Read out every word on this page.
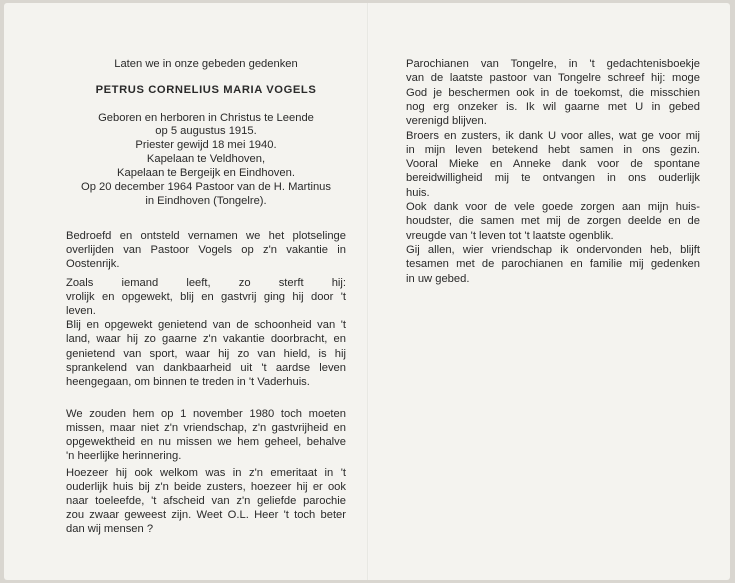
Laten we in onze gebeden gedenken
PETRUS CORNELIUS MARIA VOGELS
Geboren en herboren in Christus te Leende
op 5 augustus 1915.
Priester gewijd 18 mei 1940.
Kapelaan te Veldhoven,
Kapelaan te Bergeijk en Eindhoven.
Op 20 december 1964 Pastoor van de H. Martinus
in Eindhoven (Tongelre).
Bedroefd en ontsteld vernamen we het plotselinge
overlijden van Pastoor Vogels op z'n vakantie in
Oostenrijk.
Zoals iemand leeft, zo sterft hij:
vrolijk en opgewekt, blij en gastvrij ging hij door 't
leven.
Blij en opgewekt genietend van de schoonheid van 't
land, waar hij zo gaarne z'n vakantie doorbracht, en
genietend van sport, waar hij zo van hield, is hij
sprankelend van dankbaarheid uit 't aardse leven
heengegaan, om binnen te treden in 't Vaderhuis.
We zouden hem op 1 november 1980 toch moeten
missen, maar niet z'n vriendschap, z'n gastvrijheid en
opgewektheid en nu missen we hem geheel, behalve
'n heerlijke herinnering.
Hoezeer hij ook welkom was in z'n emeritaat in 't
ouderlijk huis bij z'n beide zusters, hoezeer hij er ook
naar toeleefde, 't afscheid van z'n geliefde parochie
zou zwaar geweest zijn. Weet O.L. Heer 't toch beter
dan wij mensen ?
Parochianen van Tongelre, in 't gedachtenisboekje
van de laatste pastoor van Tongelre schreef hij: moge
God je beschermen ook in de toekomst, die misschien
nog erg onzeker is. Ik wil gaarne met U in gebed
verenigd blijven.
Broers en zusters, ik dank U voor alles, wat ge voor mij
in mijn leven betekend hebt samen in ons gezin.
Vooral Mieke en Anneke dank voor de spontane
bereidwilligheid mij te ontvangen in ons ouderlijk
huis.
Ook dank voor de vele goede zorgen aan mijn huis-
houdster, die samen met mij de zorgen deelde en de
vreugde van 't leven tot 't laatste ogenblik.
Gij allen, wier vriendschap ik ondervonden heb, blijft
tesamen met de parochianen en familie mij gedenken
in uw gebed.
